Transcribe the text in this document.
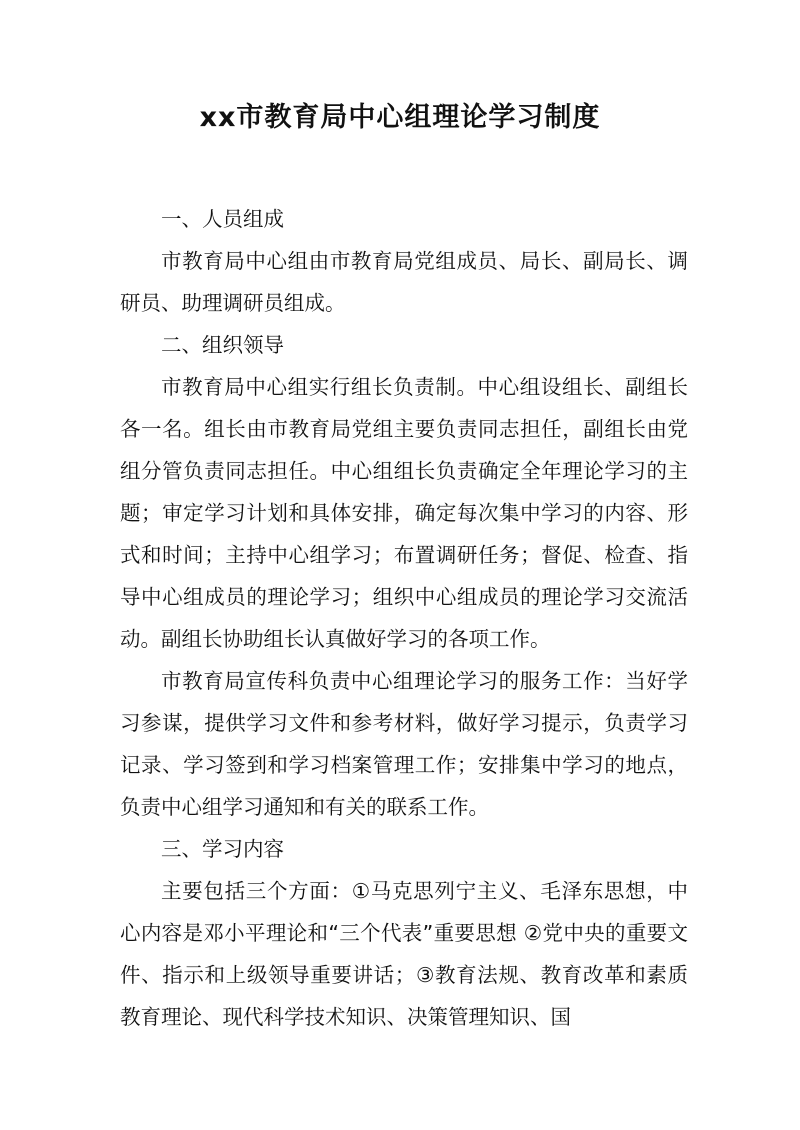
xx市教育局中心组理论学习制度

一、人员组成

市教育局中心组由市教育局党组成员、局长、副局长、调研员、助理调研员组成。

二、组织领导

市教育局中心组实行组长负责制。中心组设组长、副组长各一名。组长由市教育局党组主要负责同志担任，副组长由党组分管负责同志担任。中心组组长负责确定全年理论学习的主题；审定学习计划和具体安排，确定每次集中学习的内容、形式和时间；主持中心组学习；布置调研任务；督促、检查、指导中心组成员的理论学习；组织中心组成员的理论学习交流活动。副组长协助组长认真做好学习的各项工作。

市教育局宣传科负责中心组理论学习的服务工作：当好学习参谋，提供学习文件和参考材料，做好学习提示，负责学习记录、学习签到和学习档案管理工作；安排集中学习的地点，负责中心组学习通知和有关的联系工作。

三、学习内容

主要包括三个方面：①马克思列宁主义、毛泽东思想，中心内容是邓小平理论和“三个代表”重要思想 ②党中央的重要文件、指示和上级领导重要讲话；③教育法规、教育改革和素质教育理论、现代科学技术知识、决策管理知识、国
